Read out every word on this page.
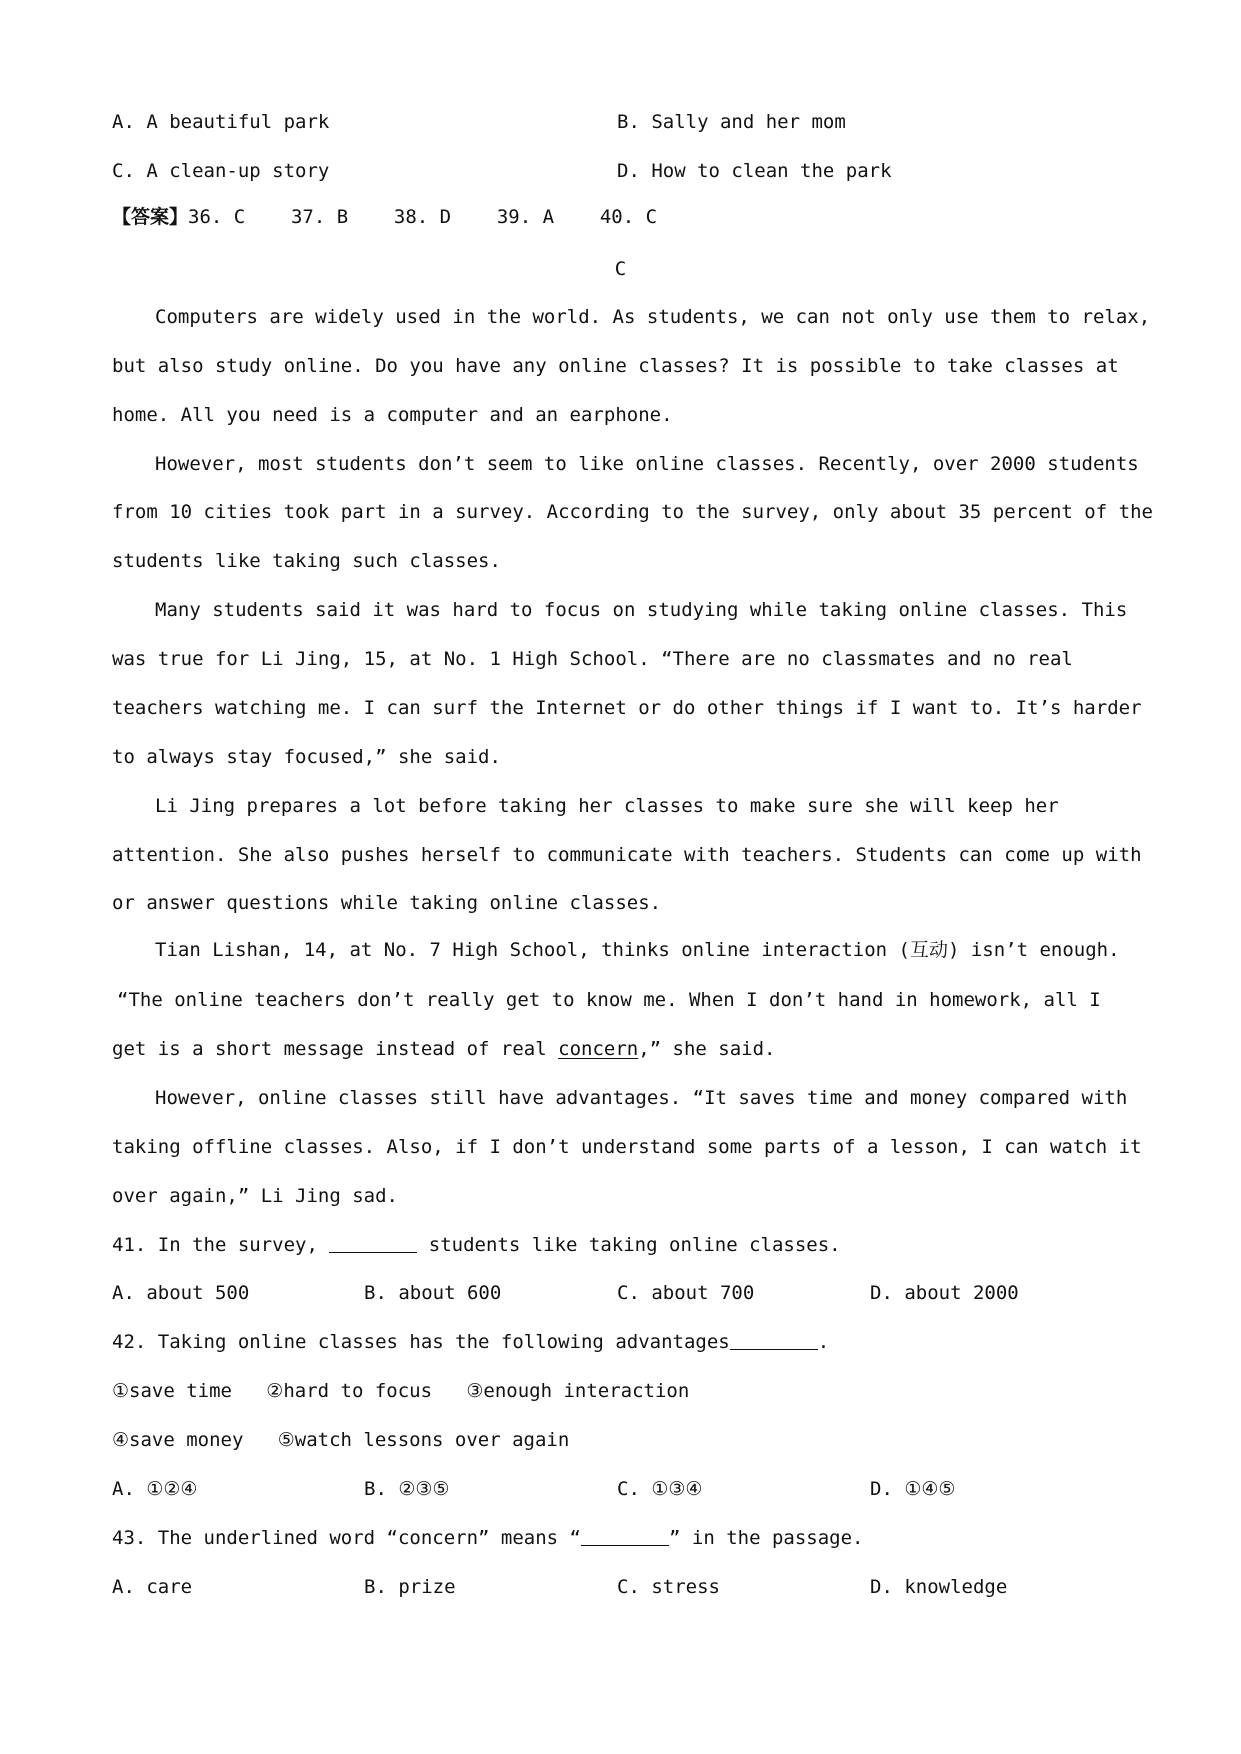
A. A beautiful park	B. Sally and her mom
C. A clean-up story	D. How to clean the park
【答案】36. C    37. B    38. D    39. A    40. C
C
Computers are widely used in the world. As students, we can not only use them to relax,
but also study online. Do you have any online classes? It is possible to take classes at
home. All you need is a computer and an earphone.
However, most students don’t seem to like online classes. Recently, over 2000 students
from 10 cities took part in a survey. According to the survey, only about 35 percent of the
students like taking such classes.
Many students said it was hard to focus on studying while taking online classes. This
was true for Li Jing, 15, at No. 1 High School. “There are no classmates and no real
teachers watching me. I can surf the Internet or do other things if I want to. It’s harder
to always stay focused,” she said.
Li Jing prepares a lot before taking her classes to make sure she will keep her
attention. She also pushes herself to communicate with teachers. Students can come up with
or answer questions while taking online classes.
Tian Lishan, 14, at No. 7 High School, thinks online interaction (互动) isn’t enough.
“The online teachers don’t really get to know me. When I don’t hand in homework, all I
get is a short message instead of real concern,” she said.
However, online classes still have advantages. “It saves time and money compared with
taking offline classes. Also, if I don’t understand some parts of a lesson, I can watch it
over again,” Li Jing sad.
41. In the survey,	students like taking online classes.
A. about 500	B. about 600	C. about 700	D. about 2000
42. Taking online classes has the following advantages	.
①save time   ②hard to focus   ③enough interaction
④save money   ⑤watch lessons over again
A. ①②④	B. ②③⑤	C. ①③④	D. ①④⑤
43. The underlined word “concern” means “	” in the passage.
A. care	B. prize	C. stress	D. knowledge
